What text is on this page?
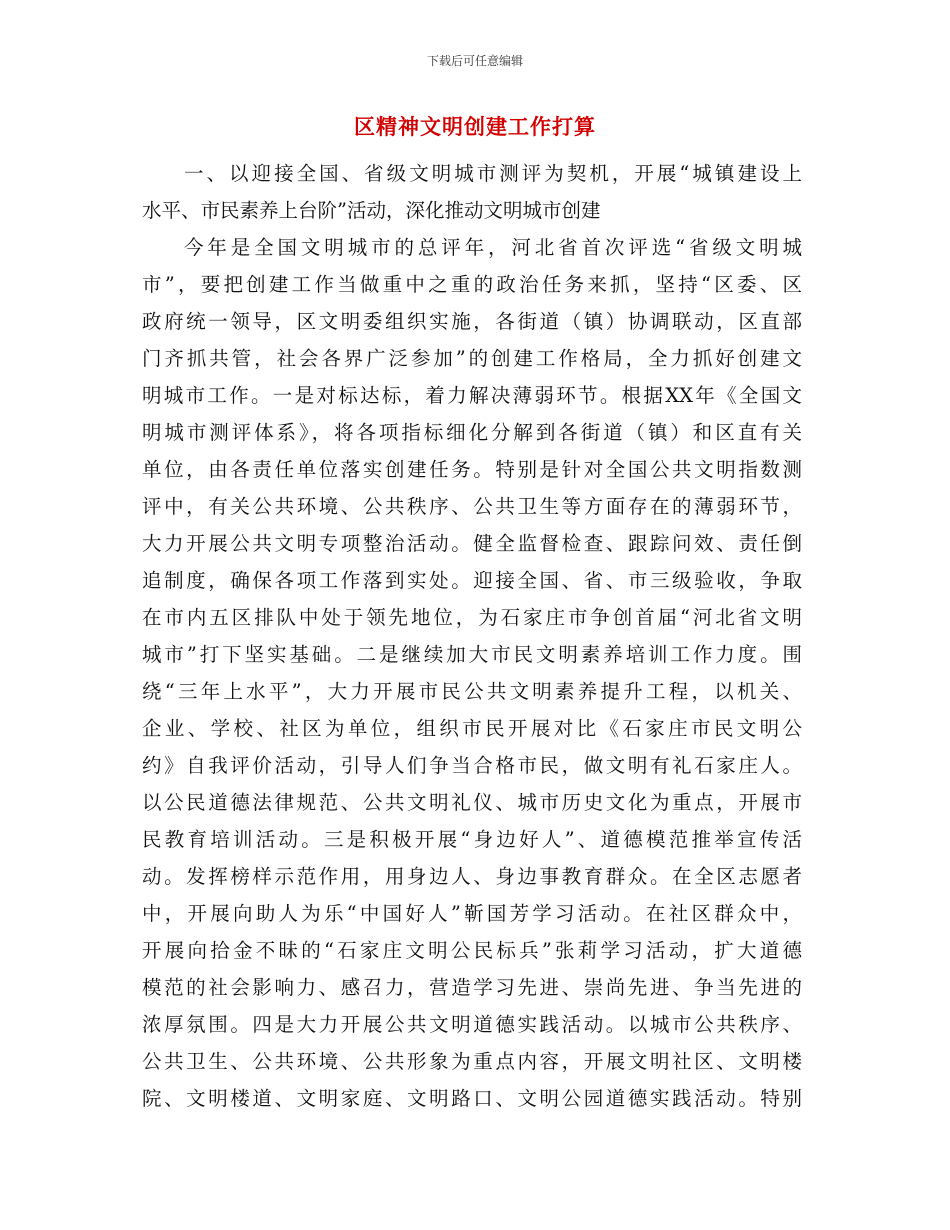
下载后可任意编辑
区精神文明创建工作打算
一、以迎接全国、省级文明城市测评为契机，开展“城镇建设上
水平、市民素养上台阶”活动，深化推动文明城市创建
今年是全国文明城市的总评年，河北省首次评选“省级文明城
市”，要把创建工作当做重中之重的政治任务来抓，坚持“区委、区
政府统一领导，区文明委组织实施，各街道（镇）协调联动，区直部
门齐抓共管，社会各界广泛参加”的创建工作格局，全力抓好创建文
明城市工作。一是对标达标，着力解决薄弱环节。根据XX年《全国文
明城市测评体系》，将各项指标细化分解到各街道（镇）和区直有关
单位，由各责任单位落实创建任务。特别是针对全国公共文明指数测
评中，有关公共环境、公共秩序、公共卫生等方面存在的薄弱环节，
大力开展公共文明专项整治活动。健全监督检查、跟踪问效、责任倒
追制度，确保各项工作落到实处。迎接全国、省、市三级验收，争取
在市内五区排队中处于领先地位，为石家庄市争创首届“河北省文明
城市”打下坚实基础。二是继续加大市民文明素养培训工作力度。围
绕“三年上水平”，大力开展市民公共文明素养提升工程，以机关、
企业、学校、社区为单位，组织市民开展对比《石家庄市民文明公
约》自我评价活动，引导人们争当合格市民，做文明有礼石家庄人。
以公民道德法律规范、公共文明礼仪、城市历史文化为重点，开展市
民教育培训活动。三是积极开展“身边好人”、道德模范推举宣传活
动。发挥榜样示范作用，用身边人、身边事教育群众。在全区志愿者
中，开展向助人为乐“中国好人”靳国芳学习活动。在社区群众中，
开展向拾金不昧的“石家庄文明公民标兵”张莉学习活动，扩大道德
模范的社会影响力、感召力，营造学习先进、崇尚先进、争当先进的
浓厚氛围。四是大力开展公共文明道德实践活动。以城市公共秩序、
公共卫生、公共环境、公共形象为重点内容，开展文明社区、文明楼
院、文明楼道、文明家庭、文明路口、文明公园道德实践活动。特别
